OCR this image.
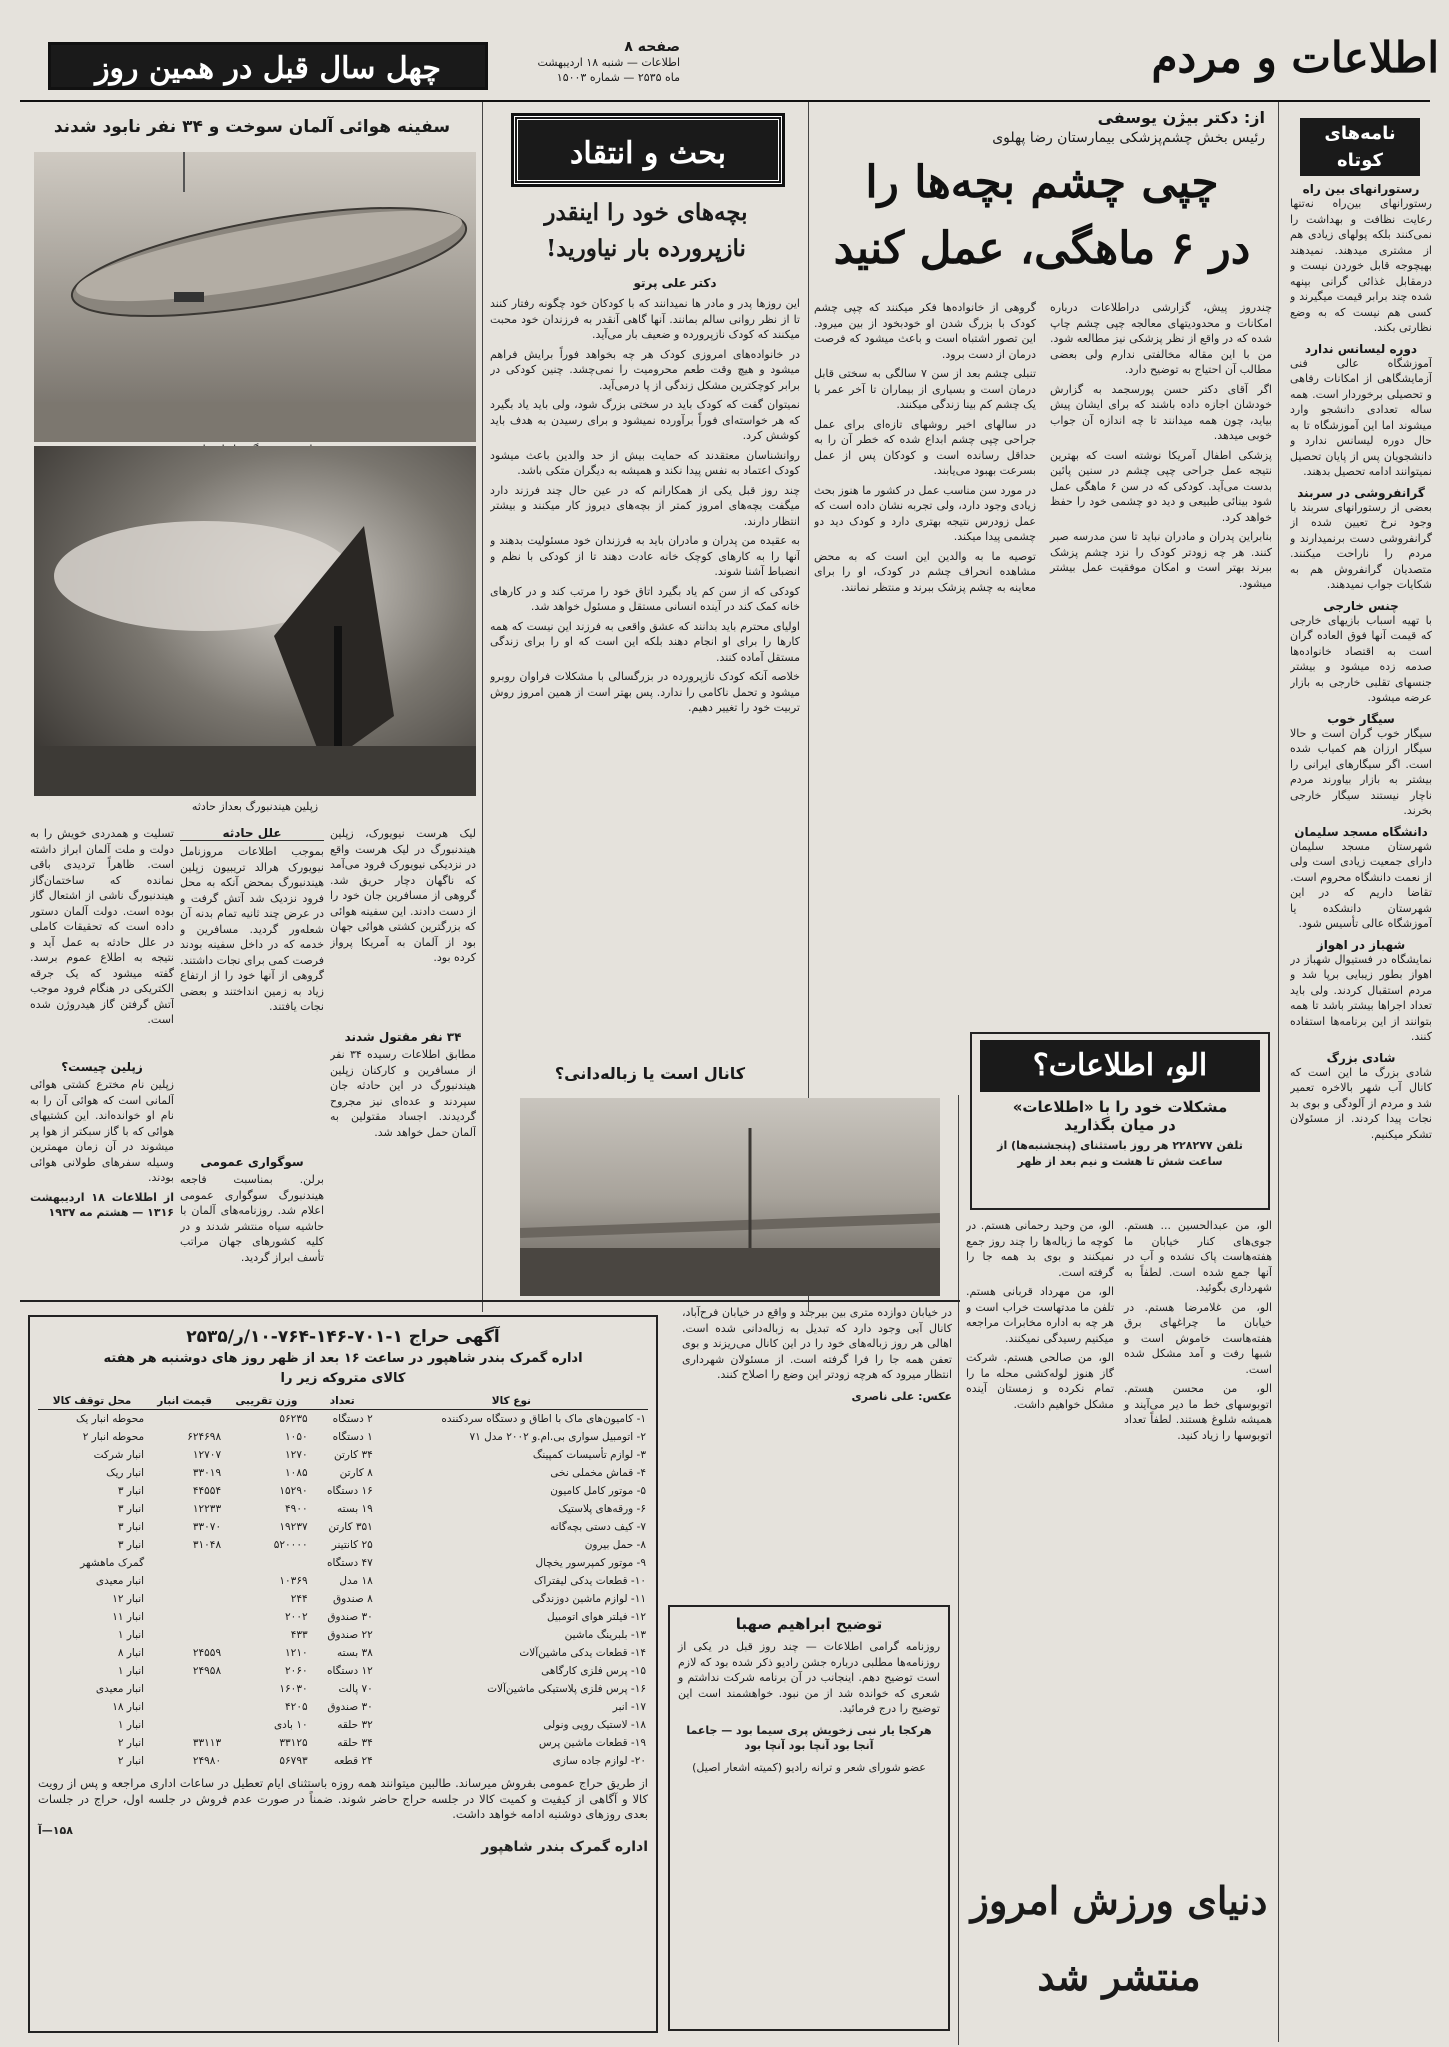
اطلاعات و مردم
صفحه ۸
اطلاعات — شنبه ۱۸ اردیبهشت
ماه ۲۵۳۵ — شماره ۱۵۰۰۳
چهل سال قبل در همین روز
نامه‌های کوتاه
رستورانهای بین راه
رستورانهای بین‌راه نه‌تنها رعایت نظافت و بهداشت را نمی‌کنند بلکه پولهای زیادی هم از مشتری میدهند. نمیدهند بهیچوجه قابل خوردن نیست و درمقابل غذائی گرانی بپنهه شده چند برابر قیمت میگیرند و کسی هم نیست که به وضع نظارتی بکند.
دوره لیسانس ندارد
آموزشگاه عالی فنی آزمایشگاهی از امکانات رفاهی و تحصیلی برخوردار است. همه ساله تعدادی دانشجو وارد میشوند اما این آموزشگاه تا به حال دوره لیسانس ندارد و دانشجویان پس از پایان تحصیل نمیتوانند ادامه تحصیل بدهند.
گرانفروشی در سربند
بعضی از رستورانهای سربند با وجود نرخ تعیین شده از گرانفروشی دست برنمیدارند و مردم را ناراحت میکنند. متصدیان گرانفروش هم به شکایات جواب نمیدهند.
چنس خارجی
با تهیه اسباب بازیهای خارجی که قیمت آنها فوق العاده گران است به اقتصاد خانواده‌ها صدمه زده میشود و بیشتر جنسهای تقلبی خارجی به بازار عرضه میشود.
سیگار خوب
سیگار خوب گران است و حالا سیگار ارزان هم کمیاب شده است. اگر سیگارهای ایرانی را بیشتر به بازار بیاورند مردم ناچار نیستند سیگار خارجی بخرند.
دانشگاه مسجد سلیمان
شهرستان مسجد سلیمان دارای جمعیت زیادی است ولی از نعمت دانشگاه محروم است. تقاضا داریم که در این شهرستان دانشکده یا آموزشگاه عالی تأسیس شود.
شهباز در اهواز
نمایشگاه در فستیوال شهباز در اهواز بطور زیبایی برپا شد و مردم استقبال کردند. ولی باید تعداد اجراها بیشتر باشد تا همه بتوانند از این برنامه‌ها استفاده کنند.
شادی بزرگ
شادی بزرگ ما این است که کانال آب شهر بالاخره تعمیر شد و مردم از آلودگی و بوی بد نجات پیدا کردند. از مسئولان تشکر میکنیم.
از: دکتر بیژن یوسفی
رئیس بخش چشم‌پزشکی بیمارستان رضا پهلوی
چپی چشم بچه‌ها را
در ۶ ماهگی، عمل کنید

چندروز پیش، گزارشی دراطلاعات درباره امکانات و محدودیتهای معالجه چپی چشم چاپ شده که در واقع از نظر پزشکی نیز مطالعه شود. من با این مقاله مخالفتی ندارم ولی بعضی مطالب آن احتیاج به توضیح دارد.

اگر آقای دکتر حسن پورسجمد به گزارش خودشان اجازه داده باشند که برای ایشان پیش بیاید، چون همه میدانند تا چه اندازه آن جواب خوبی میدهد.

پزشکی اطفال آمریکا نوشته است که بهترین نتیجه عمل جراحی چپی چشم در سنین پائین بدست می‌آید. کودکی که در سن ۶ ماهگی عمل شود بینائی طبیعی و دید دو چشمی خود را حفظ خواهد کرد.

بنابراین پدران و مادران نباید تا سن مدرسه صبر کنند. هر چه زودتر کودک را نزد چشم پزشک ببرند بهتر است و امکان موفقیت عمل بیشتر میشود.

گروهی از خانواده‌ها فکر میکنند که چپی چشم کودک با بزرگ شدن او خودبخود از بین میرود. این تصور اشتباه است و باعث میشود که فرصت درمان از دست برود.

تنبلی چشم بعد از سن ۷ سالگی به سختی قابل درمان است و بسیاری از بیماران تا آخر عمر با یک چشم کم بینا زندگی میکنند.

در سالهای اخیر روشهای تازه‌ای برای عمل جراحی چپی چشم ابداع شده که خطر آن را به حداقل رسانده است و کودکان پس از عمل بسرعت بهبود می‌یابند.

در مورد سن مناسب عمل در کشور ما هنوز بحث زیادی وجود دارد، ولی تجربه نشان داده است که عمل زودرس نتیجه بهتری دارد و کودک دید دو چشمی پیدا میکند.

توصیه ما به والدین این است که به محض مشاهده انحراف چشم در کودک، او را برای معاینه به چشم پزشک ببرند و منتظر نمانند.

بحث و انتقاد
بچه‌های خود را اینقدر
نازپرورده بار نیاورید!
دکتر علی پرتو

این روزها پدر و مادر ها نمیدانند که با کودکان خود چگونه رفتار کنند تا از نظر روانی سالم بمانند. آنها گاهی آنقدر به فرزندان خود محبت میکنند که کودک نازپرورده و ضعیف بار می‌آید.

در خانواده‌های امروزی کودک هر چه بخواهد فوراً برایش فراهم میشود و هیچ وقت طعم محرومیت را نمی‌چشد. چنین کودکی در برابر کوچکترین مشکل زندگی از پا درمی‌آید.

نمیتوان گفت که کودک باید در سختی بزرگ شود، ولی باید یاد بگیرد که هر خواسته‌ای فوراً برآورده نمیشود و برای رسیدن به هدف باید کوشش کرد.

روانشناسان معتقدند که حمایت بیش از حد والدین باعث میشود کودک اعتماد به نفس پیدا نکند و همیشه به دیگران متکی باشد.

چند روز قبل یکی از همکارانم که در عین حال چند فرزند دارد میگفت بچه‌های امروز کمتر از بچه‌های دیروز کار میکنند و بیشتر انتظار دارند.

به عقیده من پدران و مادران باید به فرزندان خود مسئولیت بدهند و آنها را به کارهای کوچک خانه عادت دهند تا از کودکی با نظم و انضباط آشنا شوند.

کودکی که از سن کم یاد بگیرد اتاق خود را مرتب کند و در کارهای خانه کمک کند در آینده انسانی مستقل و مسئول خواهد شد.

اولیای محترم باید بدانند که عشق واقعی به فرزند این نیست که همه کارها را برای او انجام دهند بلکه این است که او را برای زندگی مستقل آماده کنند.

خلاصه آنکه کودک نازپرورده در بزرگسالی با مشکلات فراوان روبرو میشود و تحمل ناکامی را ندارد. پس بهتر است از همین امروز روش تربیت خود را تغییر دهیم.

سفینه هوائی آلمان سوخت و ۳۴ نفر نابود شدند
زپلین هیندنبورگ بعداز حادثه
لیک هرست نیویورک، زپلین هیندنبورگ در لیک هرست واقع در نزدیکی نیویورک فرود می‌آمد که ناگهان دچار حریق شد. گروهی از مسافرین جان خود را از دست دادند. این سفینه هوائی که بزرگترین کشتی هوائی جهان بود از آلمان به آمریکا پرواز کرده بود.
علل حادثه
بموجب اطلاعات مروزنامل نیویورک هرالد تریبیون زپلین هیندنبورگ بمحض آنکه به محل فرود نزدیک شد آتش گرفت و در عرض چند ثانیه تمام بدنه آن شعله‌ور گردید. مسافرین و خدمه که در داخل سفینه بودند فرصت کمی برای نجات داشتند. گروهی از آنها خود را از ارتفاع زیاد به زمین انداختند و بعضی نجات یافتند.
تسلیت و همدردی خویش را به دولت و ملت آلمان ابراز داشته است. ظاهراً تردیدی باقی نمانده که ساختمان‌گاز هیندنبورگ ناشی از اشتعال گاز بوده است. دولت آلمان دستور داده است که تحقیقات کاملی در علل حادثه به عمل آید و نتیجه به اطلاع عموم برسد. گفته میشود که یک جرقه الکتریکی در هنگام فرود موجب آتش گرفتن گاز هیدروژن شده است.
زپلین چیست؟
زپلین نام مخترع کشتی هوائی آلمانی است که هوائی آن را به نام او خوانده‌اند. این کشتیهای هوائی که با گاز سبکتر از هوا پر میشوند در آن زمان مهمترین وسیله سفرهای طولانی هوائی بودند.
از اطلاعات ۱۸ اردیبهشت ۱۳۱۶ — هشتم مه ۱۹۳۷
سوگواری عمومی
برلن. بمناسبت فاجعه هیندنبورگ سوگواری عمومی اعلام شد. روزنامه‌های آلمان با حاشیه سیاه منتشر شدند و در کلیه کشورهای جهان مراتب تأسف ابراز گردید.
۳۴ نفر مقتول شدند
مطابق اطلاعات رسیده ۳۴ نفر از مسافرین و کارکنان زپلین هیندنبورگ در این حادثه جان سپردند و عده‌ای نیز مجروح گردیدند. اجساد مقتولین به آلمان حمل خواهد شد.
کانال است یا زباله‌دانی؟	الو، اطلاعات؟
مشکلات خود را با «اطلاعات»
در میان بگذارید
تلفن ۲۲۸۲۷۷ هر روز باستثنای (پنجشنبه‌ها) از ساعت شش تا هشت و نیم بعد از ظهر

الو، من عبدالحسین ... هستم. جوی‌های کنار خیابان ما هفته‌هاست پاک نشده و آب در آنها جمع شده است. لطفاً به شهرداری بگوئید.

الو، من غلامرضا هستم. در خیابان ما چراغهای برق هفته‌هاست خاموش است و شبها رفت و آمد مشکل شده است.

الو، من محسن هستم. اتوبوسهای خط ما دیر می‌آیند و همیشه شلوغ هستند. لطفاً تعداد اتوبوسها را زیاد کنید.

الو، من وحید رحمانی هستم. در کوچه ما زباله‌ها را چند روز جمع نمیکنند و بوی بد همه جا را گرفته است.

الو، من مهرداد قربانی هستم. تلفن ما مدتهاست خراب است و هر چه به اداره مخابرات مراجعه میکنیم رسیدگی نمیکنند.

الو، من صالحی هستم. شرکت گاز هنوز لوله‌کشی محله ما را تمام نکرده و زمستان آینده مشکل خواهیم داشت.

دنیای ورزش امروز
منتشر شد
در خیابان دوازده متری بین بیرجند و واقع در خیابان فرح‌آباد، کانال آبی وجود دارد که تبدیل به زباله‌دانی شده است. اهالی هر روز زباله‌های خود را در این کانال می‌ریزند و بوی تعفن همه جا را فرا گرفته است. از مسئولان شهرداری انتظار میرود که هرچه زودتر این وضع را اصلاح کنند.
عکس: علی ناصری
توضیح ابراهیم صهبا
روزنامه گرامی اطلاعات — چند روز قبل در یکی از روزنامه‌ها مطلبی درباره جشن رادیو ذکر شده بود که لازم است توضیح دهم. اینجانب در آن برنامه شرکت نداشتم و شعری که خوانده شد از من نبود. خواهشمند است این توضیح را درج فرمائید.
هرکجا یار نبی زخویش پری سیما بود — جاعما آنجا بود آنچا بود آنچا بود
عضو شورای شعر و ترانه رادیو (کمیته اشعار اصیل)
آگهی حراج ۱-۷۰۱-۱۴۶-۷۶۴-۱۰/ر/۲۵۳۵
اداره گمرک بندر شاهپور در ساعت ۱۶ بعد از ظهر روز های دوشنبه هر هفته
کالای متروکه زیر را
نوع کالا	تعداد	وزن تقریبی	قیمت انبار	محل توقف کالا
۱- کامیون‌های ماک با اطاق و دستگاه سردکننده	۲ دستگاه	۵۶۲۳۵		محوطه انبار یک
۲- اتومبیل سواری بی.ام.و ۲۰۰۲ مدل ۷۱	۱ دستگاه	۱۰۵۰	۶۲۴۶۹۸	محوطه انبار ۲
۳- لوازم تأسیسات کمپینگ	۳۴ کارتن	۱۲۷۰	۱۲۷۰۷	انبار شرکت
۴- قماش مخملی نخی	۸ کارتن	۱۰۸۵	۳۳۰۱۹	انبار ریک
۵- موتور کامل کامیون	۱۶ دستگاه	۱۵۲۹۰	۴۴۵۵۴	انبار ۳
۶- ورقه‌های پلاستیک	۱۹ بسته	۴۹۰۰	۱۲۲۳۳	انبار ۳
۷- کیف دستی بچه‌گانه	۳۵۱ کارتن	۱۹۲۳۷	۳۳۰۷۰	انبار ۳
۸- حمل بیرون	۲۵ کانتینر	۵۲۰۰۰۰	۳۱۰۴۸	انبار ۳
۹- موتور کمپرسور یخچال	۴۷ دستگاه			گمرک ماهشهر
۱۰- قطعات یدکی لیفتراک	۱۸ مدل	۱۰۳۶۹		انبار معیدی
۱۱- لوازم ماشین دوزندگی	۸ صندوق	۲۴۴		انبار ۱۲
۱۲- فیلتر هوای اتومبیل	۳۰ صندوق	۲۰۰۲		انبار ۱۱
۱۳- بلبرینگ ماشین	۲۲ صندوق	۴۳۳		انبار ۱
۱۴- قطعات یدکی ماشین‌آلات	۳۸ بسته	۱۲۱۰	۲۴۵۵۹	انبار ۸
۱۵- پرس فلزی کارگاهی	۱۲ دستگاه	۲۰۶۰	۲۴۹۵۸	انبار ۱
۱۶- پرس فلزی پلاستیکی ماشین‌آلات	۷۰ پالت	۱۶۰۳۰		انبار معیدی
۱۷- انبر	۳۰ صندوق	۴۲۰۵		انبار ۱۸
۱۸- لاستیک رویی ونولی	۳۲ حلقه	۱۰ بادی		انبار ۱
۱۹- قطعات ماشین پرس	۳۴ حلقه	۳۳۱۲۵	۳۳۱۱۳	انبار ۲
۲۰- لوازم جاده سازی	۲۴ قطعه	۵۶۷۹۳	۲۴۹۸۰	انبار ۲
از طریق حراج عمومی بفروش میرساند. طالبین میتوانند همه روزه باستثنای ایام تعطیل در ساعات اداری مراجعه و پس از رویت کالا و آگاهی از کیفیت و کمیت کالا در جلسه حراج حاضر شوند. ضمناً در صورت عدم فروش در جلسه اول، حراج در جلسات بعدی روزهای دوشنبه ادامه خواهد داشت.
۱۵۸—آ
اداره گمرک بندر شاهپور
